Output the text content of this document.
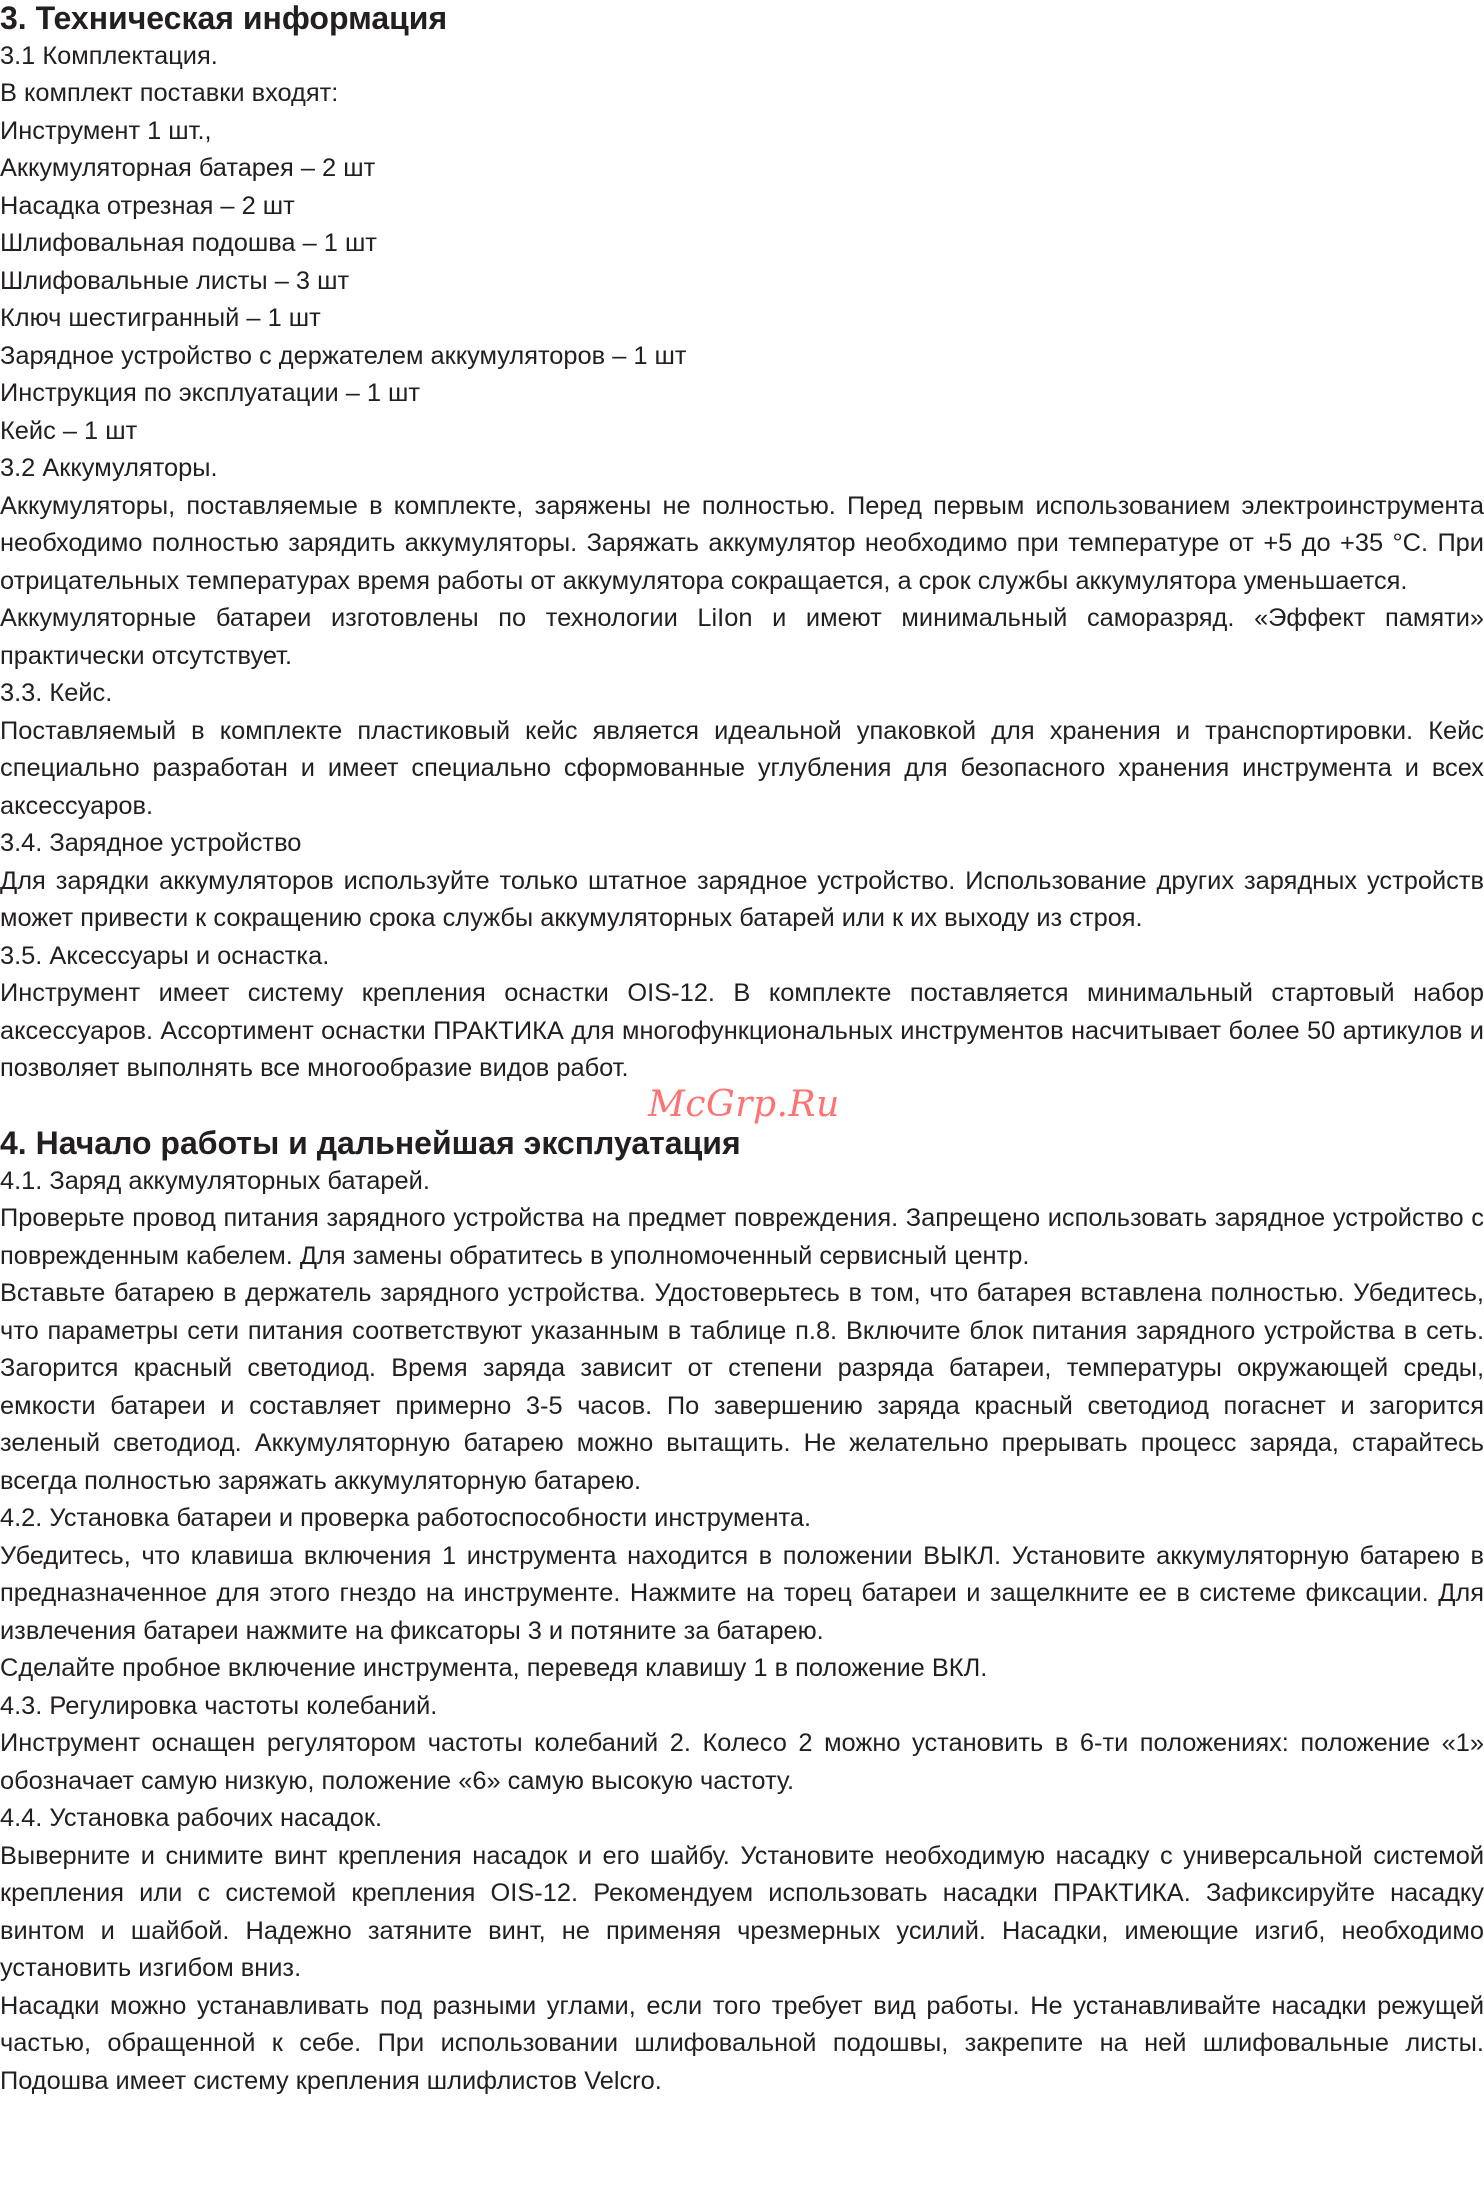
3. Техническая информация

3.1 Комплектация.

В комплект поставки входят:

Инструмент 1 шт.,

Аккумуляторная батарея – 2 шт

Насадка отрезная – 2 шт

Шлифовальная подошва – 1 шт

Шлифовальные листы – 3 шт

Ключ шестигранный – 1 шт

Зарядное устройство с держателем аккумуляторов – 1 шт

Инструкция по эксплуатации – 1 шт

Кейс – 1 шт

3.2 Аккумуляторы.

Аккумуляторы, поставляемые в комплекте, заряжены не полностью. Перед первым использованием электроинструмента необходимо полностью зарядить аккумуляторы. Заряжать аккумулятор необходимо при температуре от +5 до +35 °C. При отрицательных температурах время работы от аккумулятора сокращается, а срок службы аккумулятора уменьшается.

Аккумуляторные батареи изготовлены по технологии LiIon и имеют минимальный саморазряд. «Эффект памяти» практически отсутствует.

3.3. Кейс.

Поставляемый в комплекте пластиковый кейс является идеальной упаковкой для хранения и транспортировки. Кейс специально разработан и имеет специально сформованные углубления для безопасного хранения инструмента и всех аксессуаров.

3.4. Зарядное устройство

Для зарядки аккумуляторов используйте только штатное зарядное устройство. Использование других зарядных устройств может привести к сокращению срока службы аккумуляторных батарей или к их выходу из строя.

3.5. Аксессуары и оснастка.

Инструмент имеет систему крепления оснастки OIS-12. В комплекте поставляется минимальный стартовый набор аксессуаров. Ассортимент оснастки ПРАКТИКА для многофункциональных инструментов насчитывает более 50 артикулов и позволяет выполнять все многообразие видов работ.

4. Начало работы и дальнейшая эксплуатация

4.1. Заряд аккумуляторных батарей.

Проверьте провод питания зарядного устройства на предмет повреждения. Запрещено использовать зарядное устройство с поврежденным кабелем. Для замены обратитесь в уполномоченный сервисный центр.

Вставьте батарею в держатель зарядного устройства. Удостоверьтесь в том, что батарея вставлена полностью. Убедитесь, что параметры сети питания соответствуют указанным в таблице п.8. Включите блок питания зарядного устройства в сеть. Загорится красный светодиод. Время заряда зависит от степени разряда батареи, температуры окружающей среды, емкости батареи и составляет примерно 3-5 часов. По завершению заряда красный светодиод погаснет и загорится зеленый светодиод. Аккумуляторную батарею можно вытащить. Не желательно прерывать процесс заряда, старайтесь всегда полностью заряжать аккумуляторную батарею.

4.2. Установка батареи и проверка работоспособности инструмента.

Убедитесь, что клавиша включения 1 инструмента находится в положении ВЫКЛ. Установите аккумуляторную батарею в предназначенное для этого гнездо на инструменте. Нажмите на торец батареи и защелкните ее в системе фиксации. Для извлечения батареи нажмите на фиксаторы 3 и потяните за батарею.

Сделайте пробное включение инструмента, переведя клавишу 1 в положение ВКЛ.

4.3. Регулировка частоты колебаний.

Инструмент оснащен регулятором частоты колебаний 2. Колесо 2 можно установить в 6-ти положениях: положение «1» обозначает самую низкую, положение «6» самую высокую частоту.

4.4. Установка рабочих насадок.

Выверните и снимите винт крепления насадок и его шайбу. Установите необходимую насадку с универсальной системой крепления или с системой крепления OIS-12. Рекомендуем использовать насадки ПРАКТИКА. Зафиксируйте насадку винтом и шайбой. Надежно затяните винт, не применяя чрезмерных усилий. Насадки, имеющие изгиб, необходимо установить изгибом вниз.

Насадки можно устанавливать под разными углами, если того требует вид работы. Не устанавливайте насадки режущей частью, обращенной к себе. При использовании шлифовальной подошвы, закрепите на ней шлифовальные листы. Подошва имеет систему крепления шлифлистов Velcro.

McGrp.Ru
